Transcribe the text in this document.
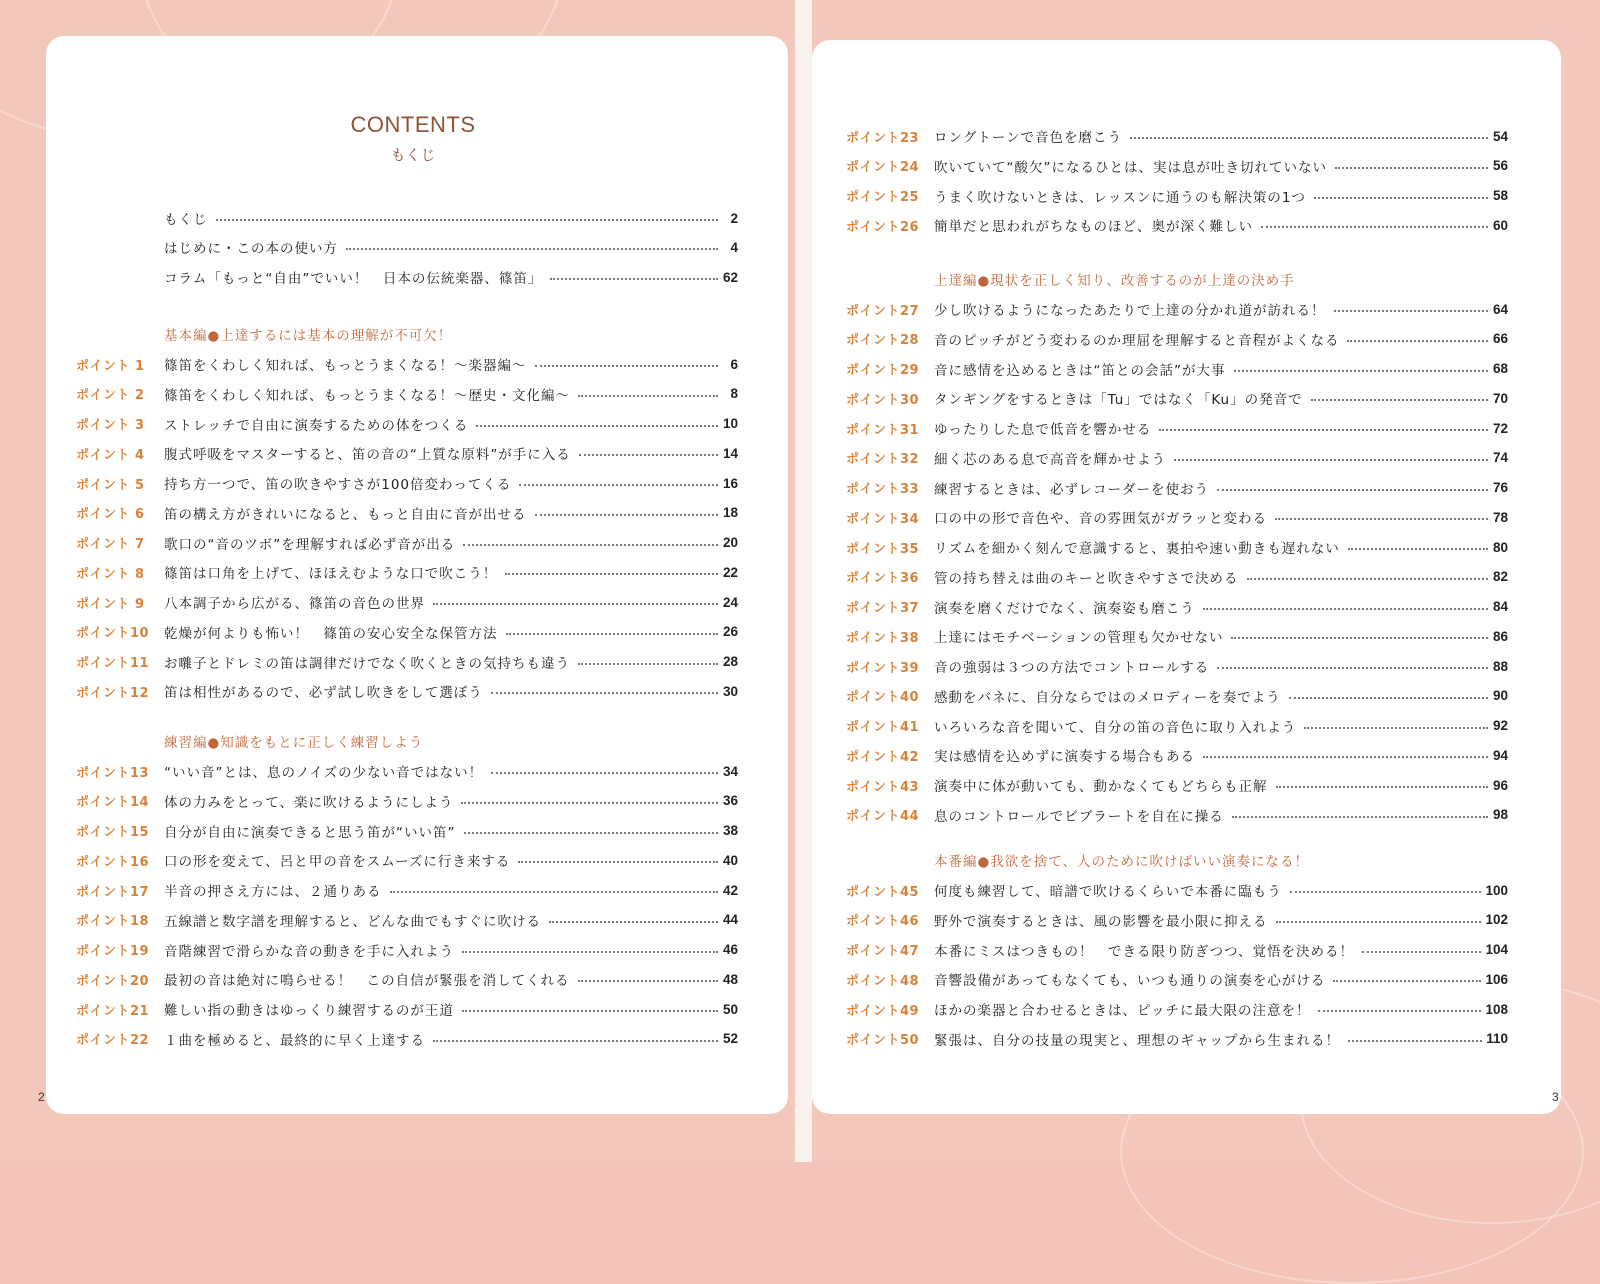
CONTENTS
もくじ
もくじ	2
はじめに・この本の使い方	4
コラム「もっと“自由”でいい！　日本の伝統楽器、篠笛」	62
基本編●上達するには基本の理解が不可欠！
ポイント 1	篠笛をくわしく知れば、もっとうまくなる！～楽器編～	6
ポイント 2	篠笛をくわしく知れば、もっとうまくなる！～歴史・文化編～	8
ポイント 3	ストレッチで自由に演奏するための体をつくる	10
ポイント 4	腹式呼吸をマスターすると、笛の音の“上質な原料”が手に入る	14
ポイント 5	持ち方一つで、笛の吹きやすさが100倍変わってくる	16
ポイント 6	笛の構え方がきれいになると、もっと自由に音が出せる	18
ポイント 7	歌口の“音のツボ”を理解すれば必ず音が出る	20
ポイント 8	篠笛は口角を上げて、ほほえむような口で吹こう！	22
ポイント 9	八本調子から広がる、篠笛の音色の世界	24
ポイント10	乾燥が何よりも怖い！　篠笛の安心安全な保管方法	26
ポイント11	お囃子とドレミの笛は調律だけでなく吹くときの気持ちも違う	28
ポイント12	笛は相性があるので、必ず試し吹きをして選ぼう	30
練習編●知識をもとに正しく練習しよう
ポイント13	“いい音”とは、息のノイズの少ない音ではない！	34
ポイント14	体の力みをとって、楽に吹けるようにしよう	36
ポイント15	自分が自由に演奏できると思う笛が“いい笛”	38
ポイント16	口の形を変えて、呂と甲の音をスムーズに行き来する	40
ポイント17	半音の押さえ方には、２通りある	42
ポイント18	五線譜と数字譜を理解すると、どんな曲でもすぐに吹ける	44
ポイント19	音階練習で滑らかな音の動きを手に入れよう	46
ポイント20	最初の音は絶対に鳴らせる！　この自信が緊張を消してくれる	48
ポイント21	難しい指の動きはゆっくり練習するのが王道	50
ポイント22	１曲を極めると、最終的に早く上達する	52
ポイント23	ロングトーンで音色を磨こう	54
ポイント24	吹いていて“酸欠”になるひとは、実は息が吐き切れていない	56
ポイント25	うまく吹けないときは、レッスンに通うのも解決策の1つ	58
ポイント26	簡単だと思われがちなものほど、奥が深く難しい	60
上達編●現状を正しく知り、改善するのが上達の決め手
ポイント27	少し吹けるようになったあたりで上達の分かれ道が訪れる！	64
ポイント28	音のピッチがどう変わるのか理屈を理解すると音程がよくなる	66
ポイント29	音に感情を込めるときは“笛との会話”が大事	68
ポイント30	タンギングをするときは「Tu」ではなく「Ku」の発音で	70
ポイント31	ゆったりした息で低音を響かせる	72
ポイント32	細く芯のある息で高音を輝かせよう	74
ポイント33	練習するときは、必ずレコーダーを使おう	76
ポイント34	口の中の形で音色や、音の雰囲気がガラッと変わる	78
ポイント35	リズムを細かく刻んで意識すると、裏拍や速い動きも遅れない	80
ポイント36	管の持ち替えは曲のキーと吹きやすさで決める	82
ポイント37	演奏を磨くだけでなく、演奏姿も磨こう	84
ポイント38	上達にはモチベーションの管理も欠かせない	86
ポイント39	音の強弱は３つの方法でコントロールする	88
ポイント40	感動をバネに、自分ならではのメロディーを奏でよう	90
ポイント41	いろいろな音を聞いて、自分の笛の音色に取り入れよう	92
ポイント42	実は感情を込めずに演奏する場合もある	94
ポイント43	演奏中に体が動いても、動かなくてもどちらも正解	96
ポイント44	息のコントロールでビブラートを自在に操る	98
本番編●我欲を捨て、人のために吹けばいい演奏になる！
ポイント45	何度も練習して、暗譜で吹けるくらいで本番に臨もう	100
ポイント46	野外で演奏するときは、風の影響を最小限に抑える	102
ポイント47	本番にミスはつきもの！　できる限り防ぎつつ、覚悟を決める！	104
ポイント48	音響設備があってもなくても、いつも通りの演奏を心がける	106
ポイント49	ほかの楽器と合わせるときは、ピッチに最大限の注意を！	108
ポイント50	緊張は、自分の技量の現実と、理想のギャップから生まれる！	110
2	3
